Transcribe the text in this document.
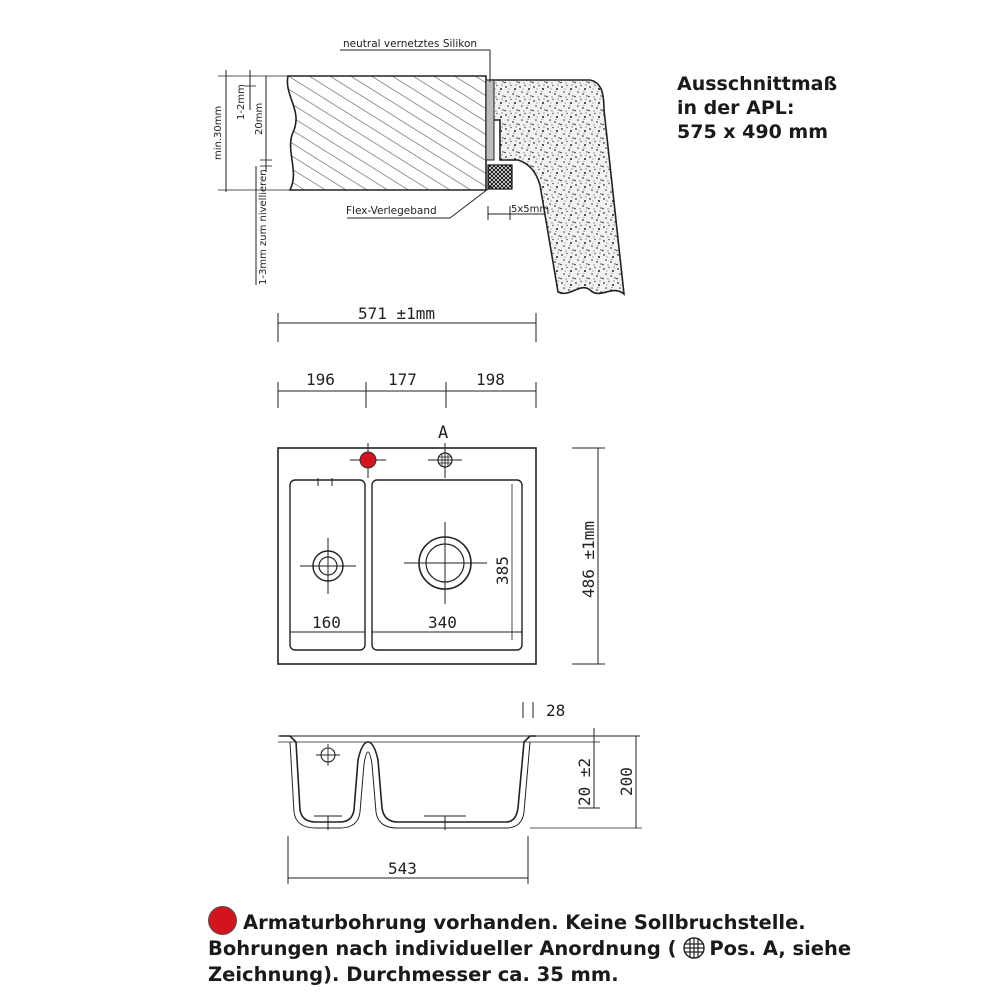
neutral vernetztes Silikon
Flex-Verlegeband	5x5mm
min.30mm
1-2mm 20mm
1-3mm zum nivellieren
571 ±1mm
196	177	198
A
160	340
385	486 ±1mm
28
20 ±2 200
543
Ausschnittmaß
in der APL:
575 x 490 mm
Armaturbohrung vorhanden. Keine Sollbruchstelle.
Bohrungen nach individueller Anordnung ( Pos. A, siehe
Zeichnung). Durchmesser ca. 35 mm.
